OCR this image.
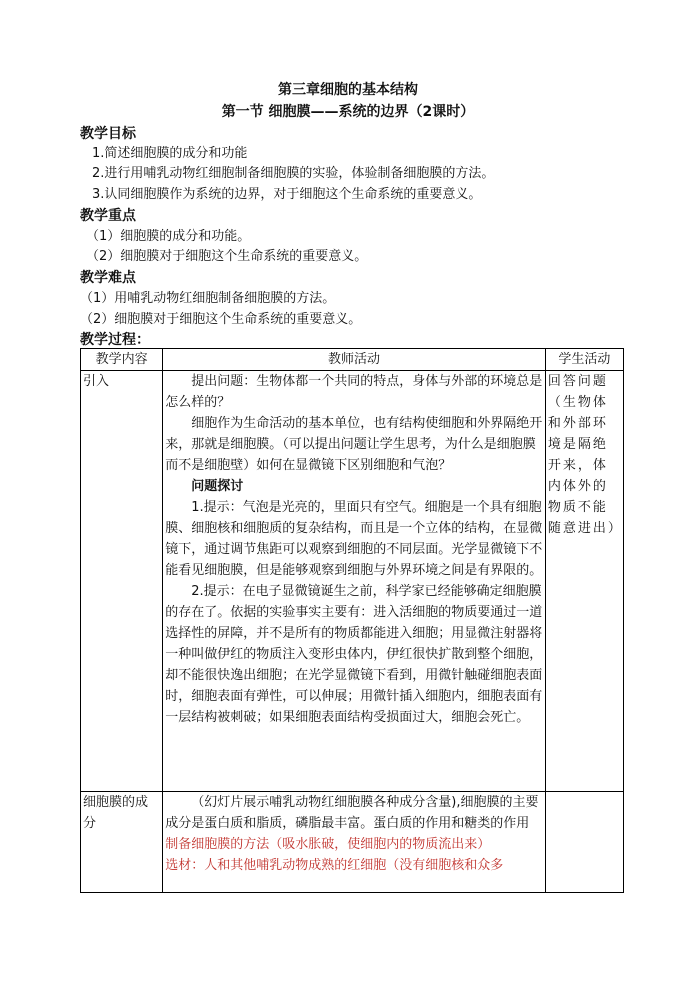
第三章细胞的基本结构
第一节 细胞膜——系统的边界（2课时）
教学目标
1.简述细胞膜的成分和功能
2.进行用哺乳动物红细胞制备细胞膜的实验，体验制备细胞膜的方法。
3.认同细胞膜作为系统的边界，对于细胞这个生命系统的重要意义。
教学重点
（1）细胞膜的成分和功能。
（2）细胞膜对于细胞这个生命系统的重要意义。
教学难点
（1）用哺乳动物红细胞制备细胞膜的方法。
（2）细胞膜对于细胞这个生命系统的重要意义。
教学过程：
教学内容	教师活动	学生活动
引入	提出问题：生物体都一个共同的特点，身体与外部的环境总是怎么样的？

细胞作为生命活动的基本单位，也有结构使细胞和外界隔绝开来，那就是细胞膜。（可以提出问题让学生思考，为什么是细胞膜而不是细胞壁）如何在显微镜下区别细胞和气泡？

问题探讨

1.提示：气泡是光亮的，里面只有空气。细胞是一个具有细胞膜、细胞核和细胞质的复杂结构，而且是一个立体的结构，在显微镜下，通过调节焦距可以观察到细胞的不同层面。光学显微镜下不能看见细胞膜，但是能够观察到细胞与外界环境之间是有界限的。

2.提示：在电子显微镜诞生之前，科学家已经能够确定细胞膜的存在了。依据的实验事实主要有：进入活细胞的物质要通过一道选择性的屏障，并不是所有的物质都能进入细胞；用显微注射器将一种叫做伊红的物质注入变形虫体内，伊红很快扩散到整个细胞，却不能很快逸出细胞；在光学显微镜下看到，用微针触碰细胞表面时，细胞表面有弹性，可以伸展；用微针插入细胞内，细胞表面有一层结构被刺破；如果细胞表面结构受损面过大，细胞会死亡。	回答问题（生物体和外部环境是隔绝开来，体内体外的物质不能随意进出）
细胞膜的成分	（幻灯片展示哺乳动物红细胞膜各种成分含量),细胞膜的主要成分是蛋白质和脂质，磷脂最丰富。蛋白质的作用和糖类的作用

制备细胞膜的方法（吸水胀破，使细胞内的物质流出来）

选材：人和其他哺乳动物成熟的红细胞（没有细胞核和众多	
